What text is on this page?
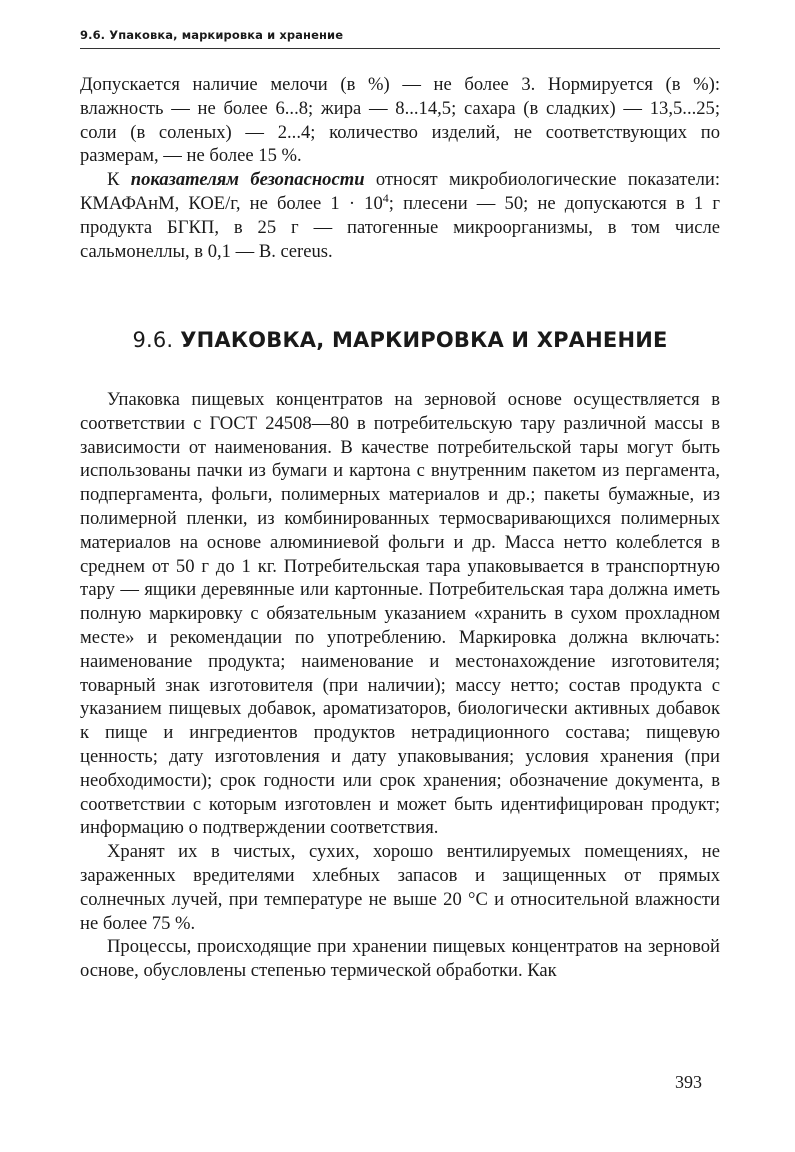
9.6. Упаковка, маркировка и хранение

Допускается наличие мелочи (в %) — не более 3. Нормируется (в %): влажность — не более 6...8; жира — 8...14,5; сахара (в сладких) — 13,5...25; соли (в соленых) — 2...4; количество изделий, не соответствующих по размерам, — не более 15 %.

К показателям безопасности относят микробиологические показатели: КМАФАнМ, КОЕ/г, не более $1 \cdot 10^4$; плесени — 50; не допускаются в 1 г продукта БГКП, в 25 г — патогенные микроорганизмы, в том числе сальмонеллы, в 0,1 — B. cereus.

9.6. УПАКОВКА, МАРКИРОВКА И ХРАНЕНИЕ

Упаковка пищевых концентратов на зерновой основе осуществляется в соответствии с ГОСТ 24508—80 в потребительскую тару различной массы в зависимости от наименования. В качестве потребительской тары могут быть использованы пачки из бумаги и картона с внутренним пакетом из пергамента, подпергамента, фольги, полимерных материалов и др.; пакеты бумажные, из полимерной пленки, из комбинированных термосваривающихся полимерных материалов на основе алюминиевой фольги и др. Масса нетто колеблется в среднем от 50 г до 1 кг. Потребительская тара упаковывается в транспортную тару — ящики деревянные или картонные. Потребительская тара должна иметь полную маркировку с обязательным указанием «хранить в сухом прохладном месте» и рекомендации по употреблению. Маркировка должна включать: наименование продукта; наименование и местонахождение изготовителя; товарный знак изготовителя (при наличии); массу нетто; состав продукта с указанием пищевых добавок, ароматизаторов, биологически активных добавок к пище и ингредиентов продуктов нетрадиционного состава; пищевую ценность; дату изготовления и дату упаковывания; условия хранения (при необходимости); срок годности или срок хранения; обозначение документа, в соответствии с которым изготовлен и может быть идентифицирован продукт; информацию о подтверждении соответствия.

Хранят их в чистых, сухих, хорошо вентилируемых помещениях, не зараженных вредителями хлебных запасов и защищенных от прямых солнечных лучей, при температуре не выше 20 °С и относительной влажности не более 75 %.

Процессы, происходящие при хранении пищевых концентратов на зерновой основе, обусловлены степенью термической обработки. Как

393
